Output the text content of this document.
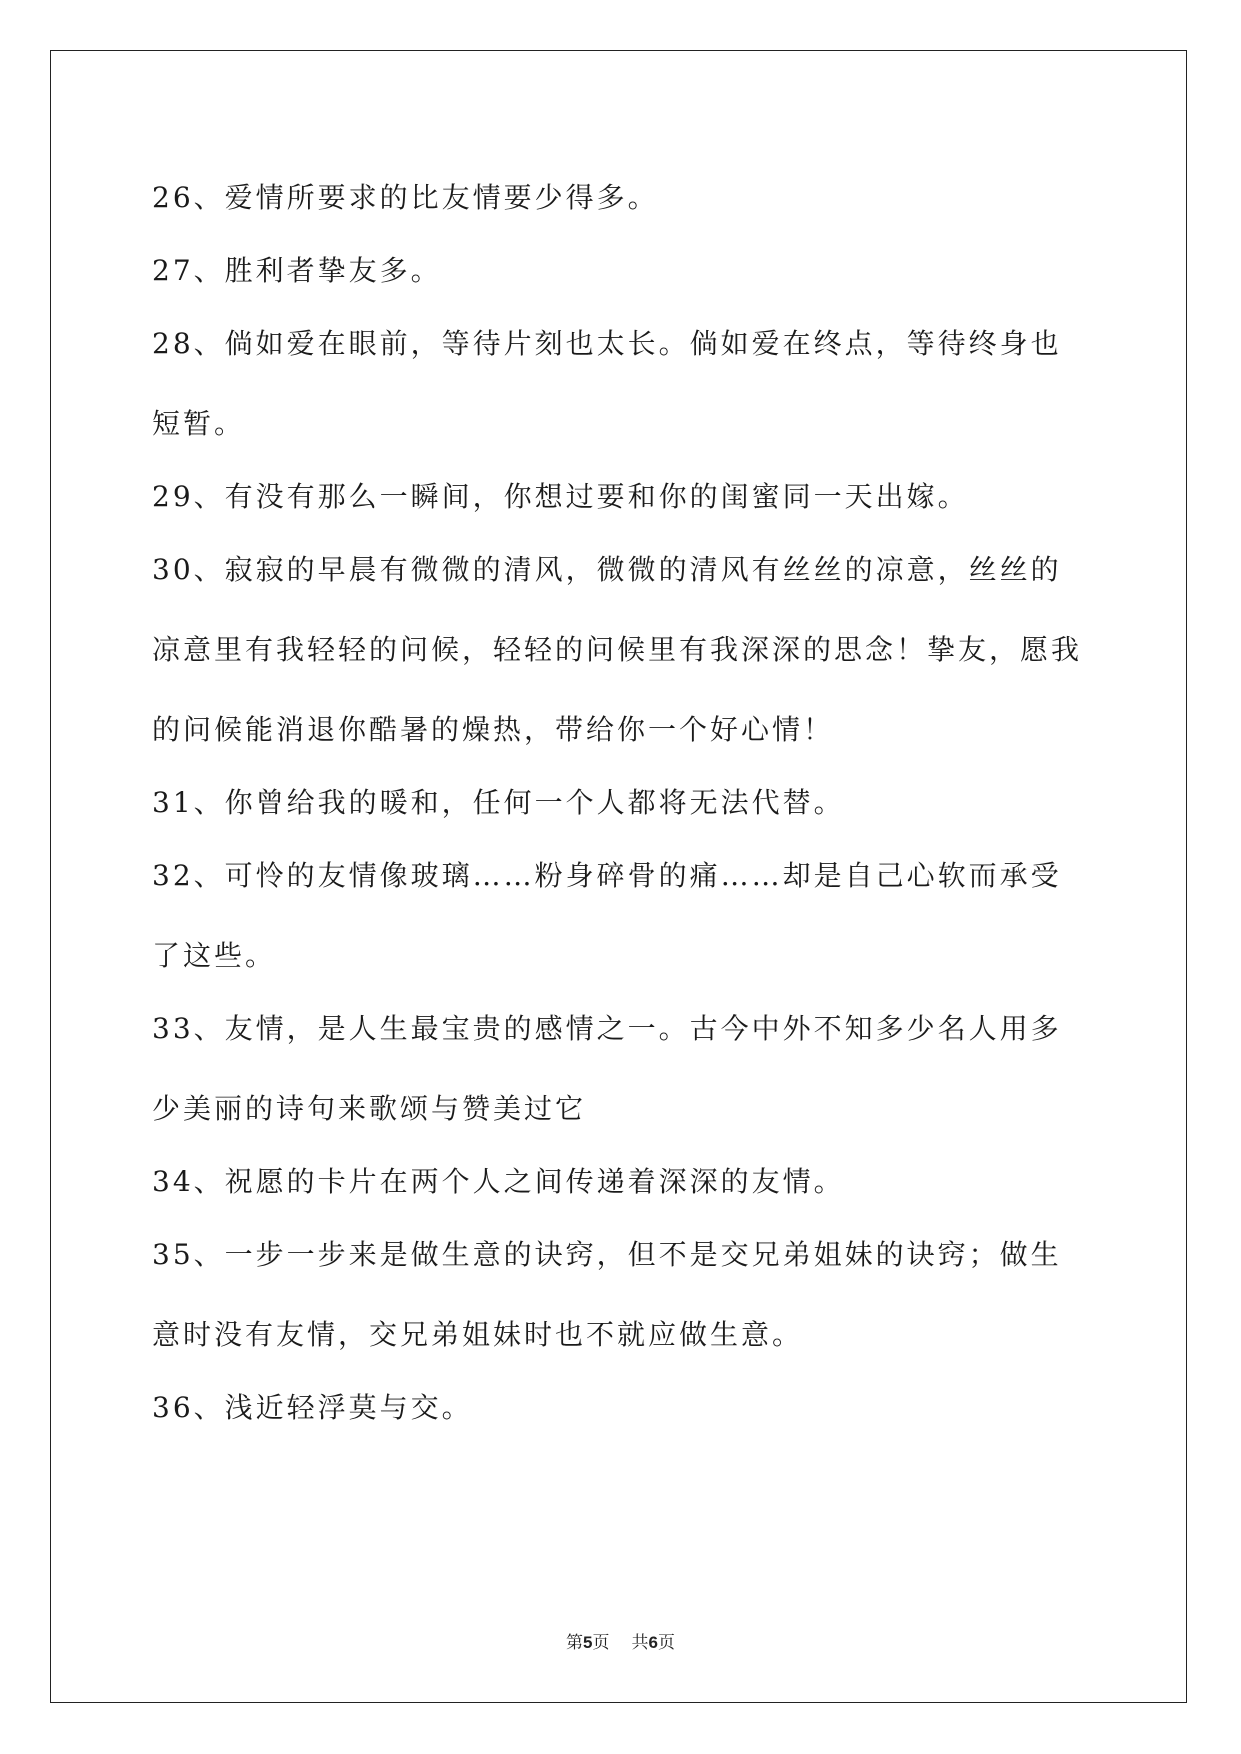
26、爱情所要求的比友情要少得多。

27、胜利者挚友多。

28、倘如爱在眼前，等待片刻也太长。倘如爱在终点，等待终身也短暂。

29、有没有那么一瞬间，你想过要和你的闺蜜同一天出嫁。

30、寂寂的早晨有微微的清风，微微的清风有丝丝的凉意，丝丝的凉意里有我轻轻的问候，轻轻的问候里有我深深的思念！挚友，愿我的问候能消退你酷暑的燥热，带给你一个好心情！

31、你曾给我的暖和，任何一个人都将无法代替。

32、可怜的友情像玻璃……粉身碎骨的痛……却是自己心软而承受了这些。

33、友情，是人生最宝贵的感情之一。古今中外不知多少名人用多少美丽的诗句来歌颂与赞美过它

34、祝愿的卡片在两个人之间传递着深深的友情。

35、一步一步来是做生意的诀窍，但不是交兄弟姐妹的诀窍；做生意时没有友情，交兄弟姐妹时也不就应做生意。

36、浅近轻浮莫与交。

第5页 共6页
